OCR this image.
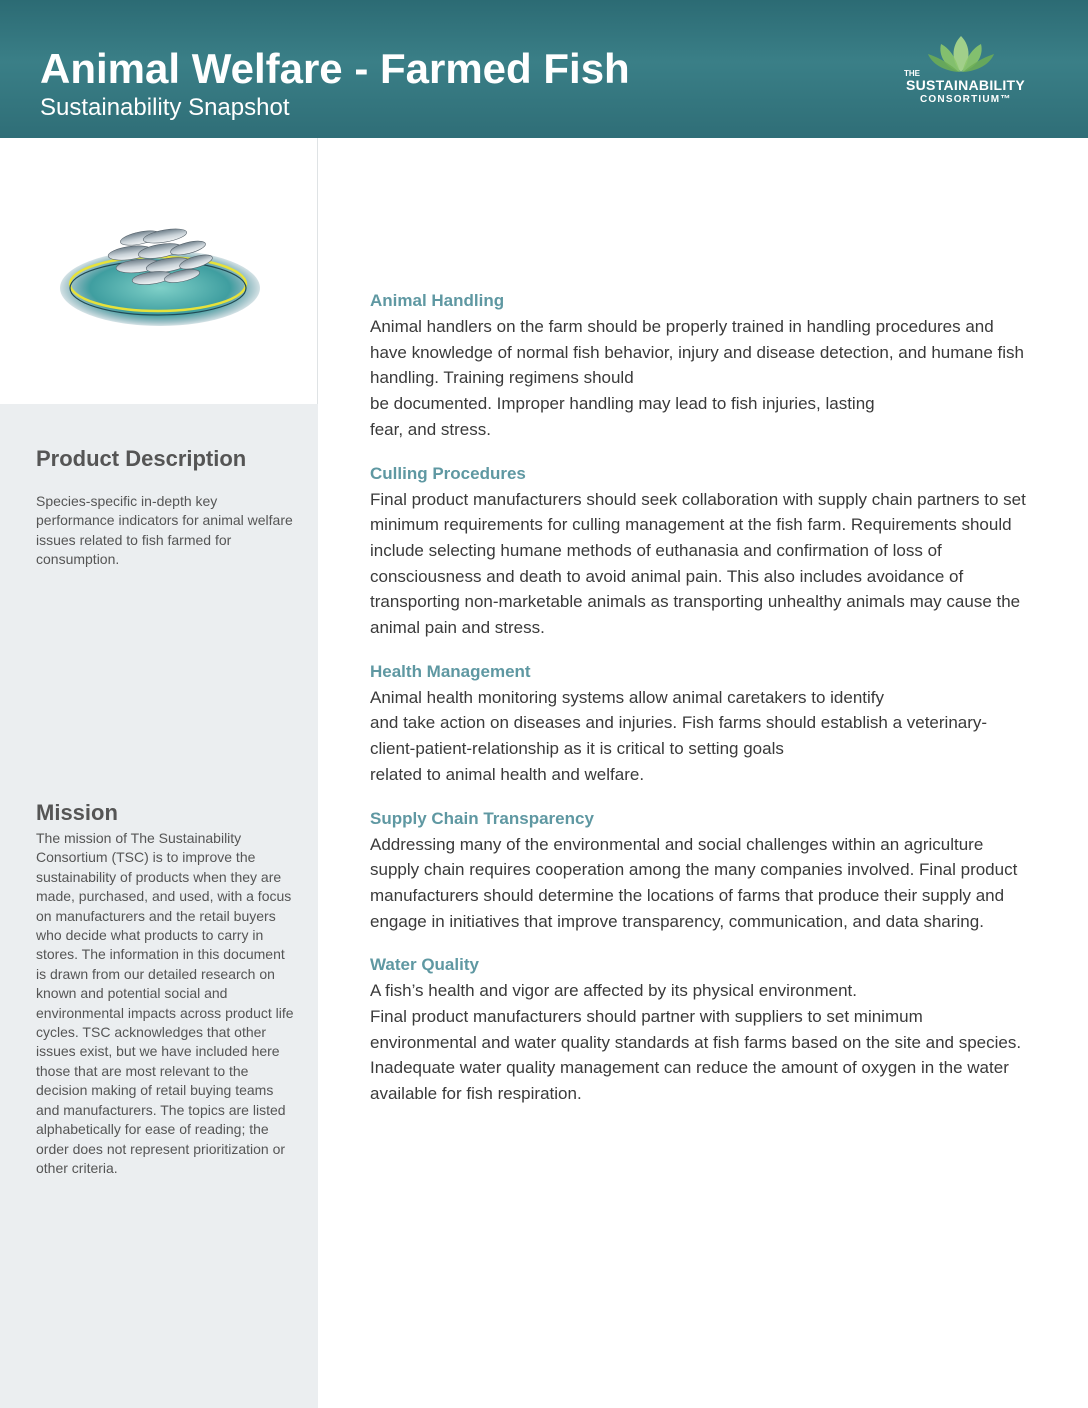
Animal Welfare - Farmed Fish

Sustainability Snapshot

THE
SUSTAINABILITY
CONSORTIUM™
Product Description

Species-specific in-depth key performance indicators for animal welfare issues related to fish farmed for consumption.

Mission

The mission of The Sustainability Consortium (TSC) is to improve the sustainability of products when they are made, purchased, and used, with a focus on manufacturers and the retail buyers who decide what products to carry in stores. The information in this document is drawn from our detailed research on known and potential social and environmental impacts across product life cycles. TSC acknowledges that other issues exist, but we have included here those that are most relevant to the decision making of retail buying teams and manufacturers. The topics are listed alphabetically for ease of reading; the order does not represent prioritization or other criteria.

Animal Handling

Animal handlers on the farm should be properly trained in handling procedures and have knowledge of normal fish behavior, injury and disease detection, and humane fish handling. Training regimens should
be documented. Improper handling may lead to fish injuries, lasting
fear, and stress.

Culling Procedures

Final product manufacturers should seek collaboration with supply chain partners to set minimum requirements for culling management at the fish farm. Requirements should include selecting humane methods of euthanasia and confirmation of loss of consciousness and death to avoid animal pain. This also includes avoidance of transporting non-marketable animals as transporting unhealthy animals may cause the animal pain and stress.

Health Management

Animal health monitoring systems allow animal caretakers to identify
and take action on diseases and injuries. Fish farms should establish a veterinary-client-patient-relationship as it is critical to setting goals
related to animal health and welfare.

Supply Chain Transparency

Addressing many of the environmental and social challenges within an agriculture supply chain requires cooperation among the many companies involved. Final product manufacturers should determine the locations of farms that produce their supply and engage in initiatives that improve transparency, communication, and data sharing.

Water Quality

A fish’s health and vigor are affected by its physical environment.
Final product manufacturers should partner with suppliers to set minimum environmental and water quality standards at fish farms based on the site and species. Inadequate water quality management can reduce the amount of oxygen in the water available for fish respiration.
